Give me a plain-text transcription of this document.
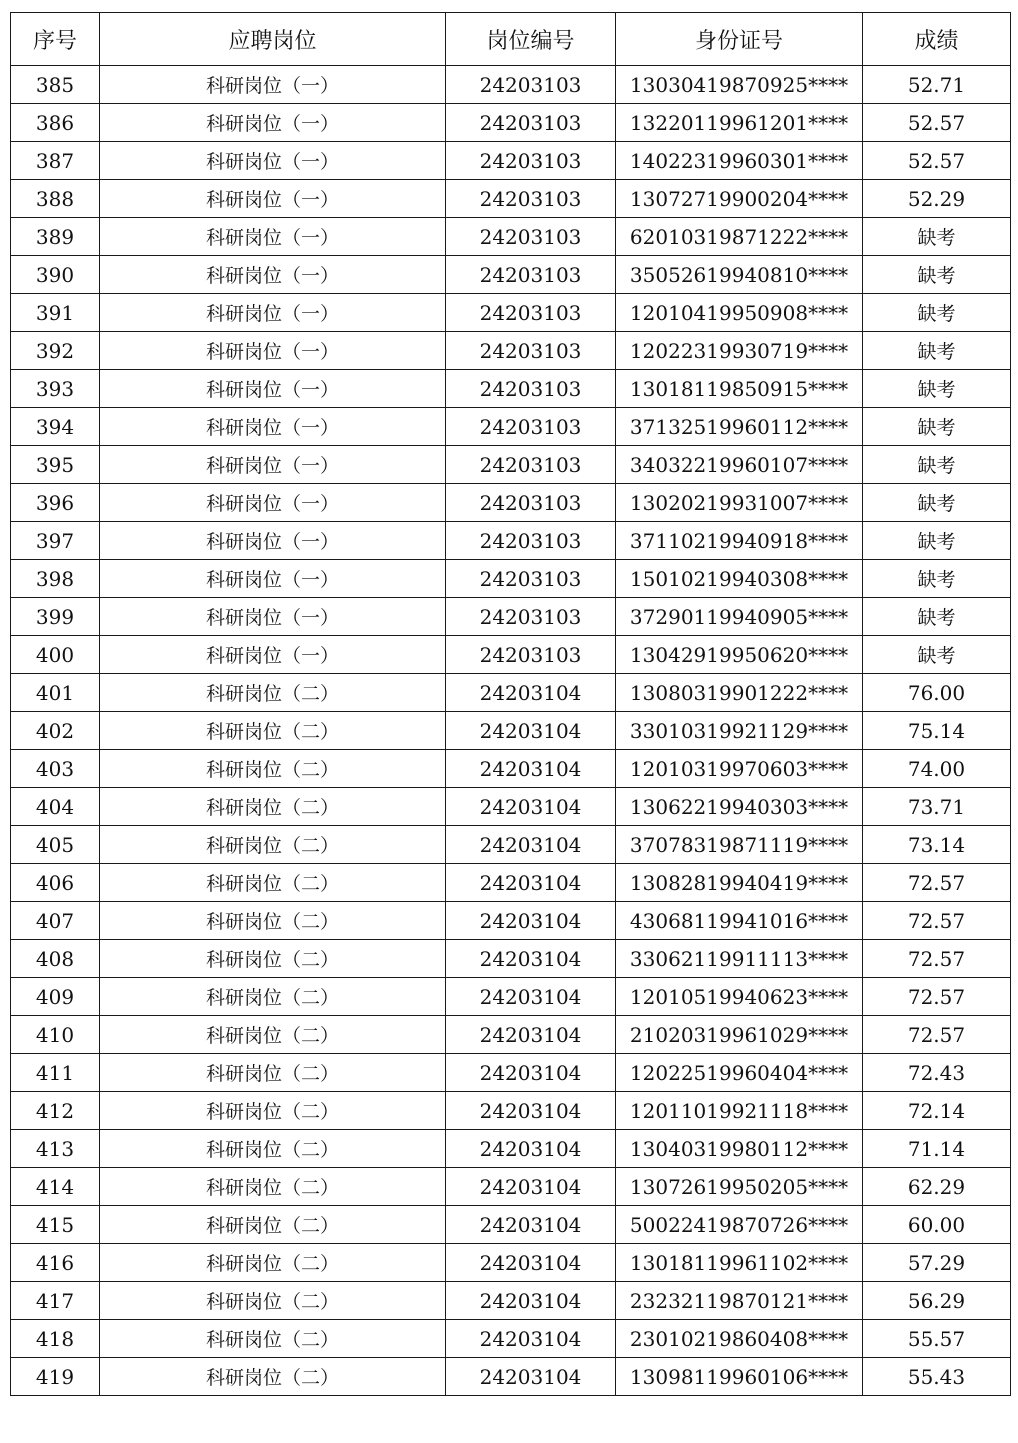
序号	应聘岗位	岗位编号	身份证号	成绩
385	科研岗位（一）	24203103	13030419870925****	52.71
386	科研岗位（一）	24203103	13220119961201****	52.57
387	科研岗位（一）	24203103	14022319960301****	52.57
388	科研岗位（一）	24203103	13072719900204****	52.29
389	科研岗位（一）	24203103	62010319871222****	缺考
390	科研岗位（一）	24203103	35052619940810****	缺考
391	科研岗位（一）	24203103	12010419950908****	缺考
392	科研岗位（一）	24203103	12022319930719****	缺考
393	科研岗位（一）	24203103	13018119850915****	缺考
394	科研岗位（一）	24203103	37132519960112****	缺考
395	科研岗位（一）	24203103	34032219960107****	缺考
396	科研岗位（一）	24203103	13020219931007****	缺考
397	科研岗位（一）	24203103	37110219940918****	缺考
398	科研岗位（一）	24203103	15010219940308****	缺考
399	科研岗位（一）	24203103	37290119940905****	缺考
400	科研岗位（一）	24203103	13042919950620****	缺考
401	科研岗位（二）	24203104	13080319901222****	76.00
402	科研岗位（二）	24203104	33010319921129****	75.14
403	科研岗位（二）	24203104	12010319970603****	74.00
404	科研岗位（二）	24203104	13062219940303****	73.71
405	科研岗位（二）	24203104	37078319871119****	73.14
406	科研岗位（二）	24203104	13082819940419****	72.57
407	科研岗位（二）	24203104	43068119941016****	72.57
408	科研岗位（二）	24203104	33062119911113****	72.57
409	科研岗位（二）	24203104	12010519940623****	72.57
410	科研岗位（二）	24203104	21020319961029****	72.57
411	科研岗位（二）	24203104	12022519960404****	72.43
412	科研岗位（二）	24203104	12011019921118****	72.14
413	科研岗位（二）	24203104	13040319980112****	71.14
414	科研岗位（二）	24203104	13072619950205****	62.29
415	科研岗位（二）	24203104	50022419870726****	60.00
416	科研岗位（二）	24203104	13018119961102****	57.29
417	科研岗位（二）	24203104	23232119870121****	56.29
418	科研岗位（二）	24203104	23010219860408****	55.57
419	科研岗位（二）	24203104	13098119960106****	55.43
